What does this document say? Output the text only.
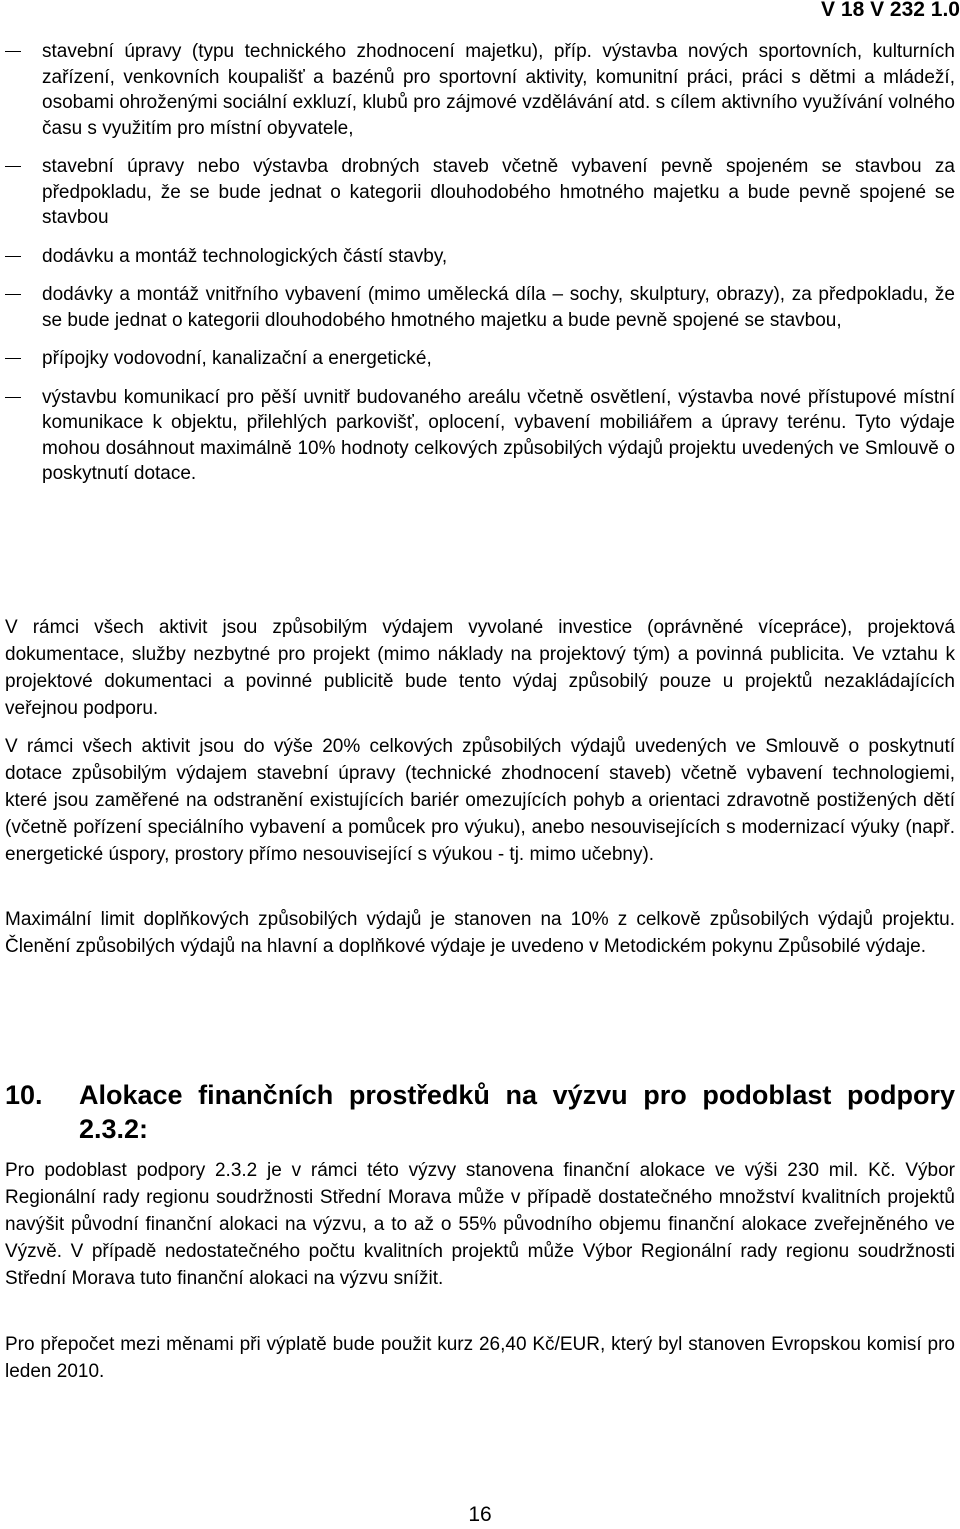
V 18 V 232 1.0
stavební úpravy (typu technického zhodnocení majetku), příp. výstavba nových sportovních, kulturních zařízení, venkovních koupališť a bazénů pro sportovní aktivity, komunitní práci, práci s dětmi a mládeží, osobami ohroženými sociální exkluzí, klubů pro zájmové vzdělávání atd. s cílem aktivního využívání volného času s využitím pro místní obyvatele,
stavební úpravy nebo výstavba drobných staveb včetně vybavení pevně spojeném se stavbou za předpokladu, že se bude jednat o kategorii dlouhodobého hmotného majetku a bude pevně spojené se stavbou
dodávku a montáž technologických částí stavby,
dodávky a montáž vnitřního vybavení (mimo umělecká díla – sochy, skulptury, obrazy), za předpokladu, že se bude jednat o kategorii dlouhodobého hmotného majetku a bude pevně spojené se stavbou,
přípojky vodovodní, kanalizační a energetické,
výstavbu komunikací pro pěší uvnitř budovaného areálu včetně osvětlení, výstavba nové přístupové místní komunikace k objektu, přilehlých parkovišť, oplocení, vybavení mobiliářem a úpravy terénu. Tyto výdaje mohou dosáhnout maximálně 10% hodnoty celkových způsobilých výdajů projektu uvedených ve Smlouvě o poskytnutí dotace.

V rámci všech aktivit jsou způsobilým výdajem vyvolané investice (oprávněné vícepráce), projektová dokumentace, služby nezbytné pro projekt (mimo náklady na projektový tým) a povinná publicita. Ve vztahu k projektové dokumentaci a povinné publicitě bude tento výdaj způsobilý pouze u projektů nezakládajících veřejnou podporu.

V rámci všech aktivit jsou do výše 20% celkových způsobilých výdajů uvedených ve Smlouvě o poskytnutí dotace způsobilým výdajem stavební úpravy (technické zhodnocení staveb) včetně vybavení technologiemi, které jsou zaměřené na odstranění existujících bariér omezujících pohyb a orientaci zdravotně postižených dětí (včetně pořízení speciálního vybavení a pomůcek pro výuku), anebo nesouvisejících s modernizací výuky (např. energetické úspory, prostory přímo nesouvisející s výukou - tj. mimo učebny).

Maximální limit doplňkových způsobilých výdajů je stanoven na 10% z celkově způsobilých výdajů projektu. Členění způsobilých výdajů na hlavní a doplňkové výdaje je uvedeno v Metodickém pokynu Způsobilé výdaje.

10.	Alokace finančních prostředků na výzvu pro podoblast podpory 2.3.2:

Pro podoblast podpory 2.3.2 je v rámci této výzvy stanovena finanční alokace ve výši 230 mil. Kč. Výbor Regionální rady regionu soudržnosti Střední Morava může v případě dostatečného množství kvalitních projektů navýšit původní finanční alokaci na výzvu, a to až o 55% původního objemu finanční alokace zveřejněného ve Výzvě. V případě nedostatečného počtu kvalitních projektů může Výbor Regionální rady regionu soudržnosti Střední Morava tuto finanční alokaci na výzvu snížit.

Pro přepočet mezi měnami při výplatě bude použit kurz 26,40 Kč/EUR, který byl stanoven Evropskou komisí pro leden 2010.

16
